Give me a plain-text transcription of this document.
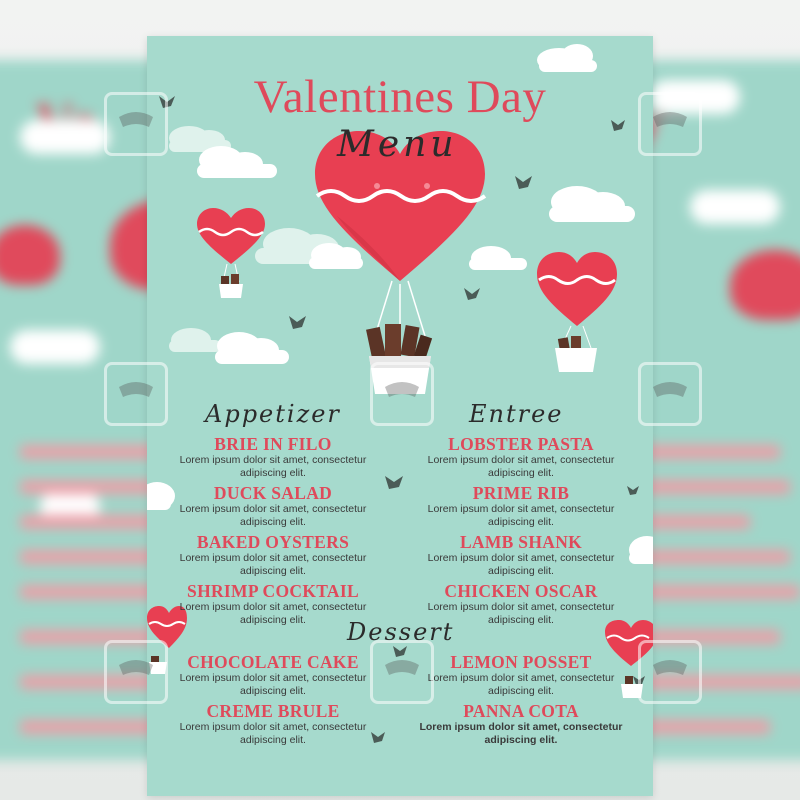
Valentines Day
Menu
Appetizer
BRIE IN FILO
Lorem ipsum dolor sit amet, consectetur
adipiscing elit.
DUCK SALAD
Lorem ipsum dolor sit amet, consectetur
adipiscing elit.
BAKED OYSTERS
Lorem ipsum dolor sit amet, consectetur
adipiscing elit.
SHRIMP COCKTAIL
Lorem ipsum dolor sit amet, consectetur
adipiscing elit.
Entree
LOBSTER PASTA
Lorem ipsum dolor sit amet, consectetur
adipiscing elit.
PRIME RIB
Lorem ipsum dolor sit amet, consectetur
adipiscing elit.
LAMB SHANK
Lorem ipsum dolor sit amet, consectetur
adipiscing elit.
CHICKEN OSCAR
Lorem ipsum dolor sit amet, consectetur
adipiscing elit.
Dessert
CHOCOLATE CAKE
Lorem ipsum dolor sit amet, consectetur
adipiscing elit.
CREME BRULE
Lorem ipsum dolor sit amet, consectetur
adipiscing elit.
LEMON POSSET
Lorem ipsum dolor sit amet, consectetur
adipiscing elit.
PANNA COTA
Lorem ipsum dolor sit amet, consectetur
adipiscing elit.
